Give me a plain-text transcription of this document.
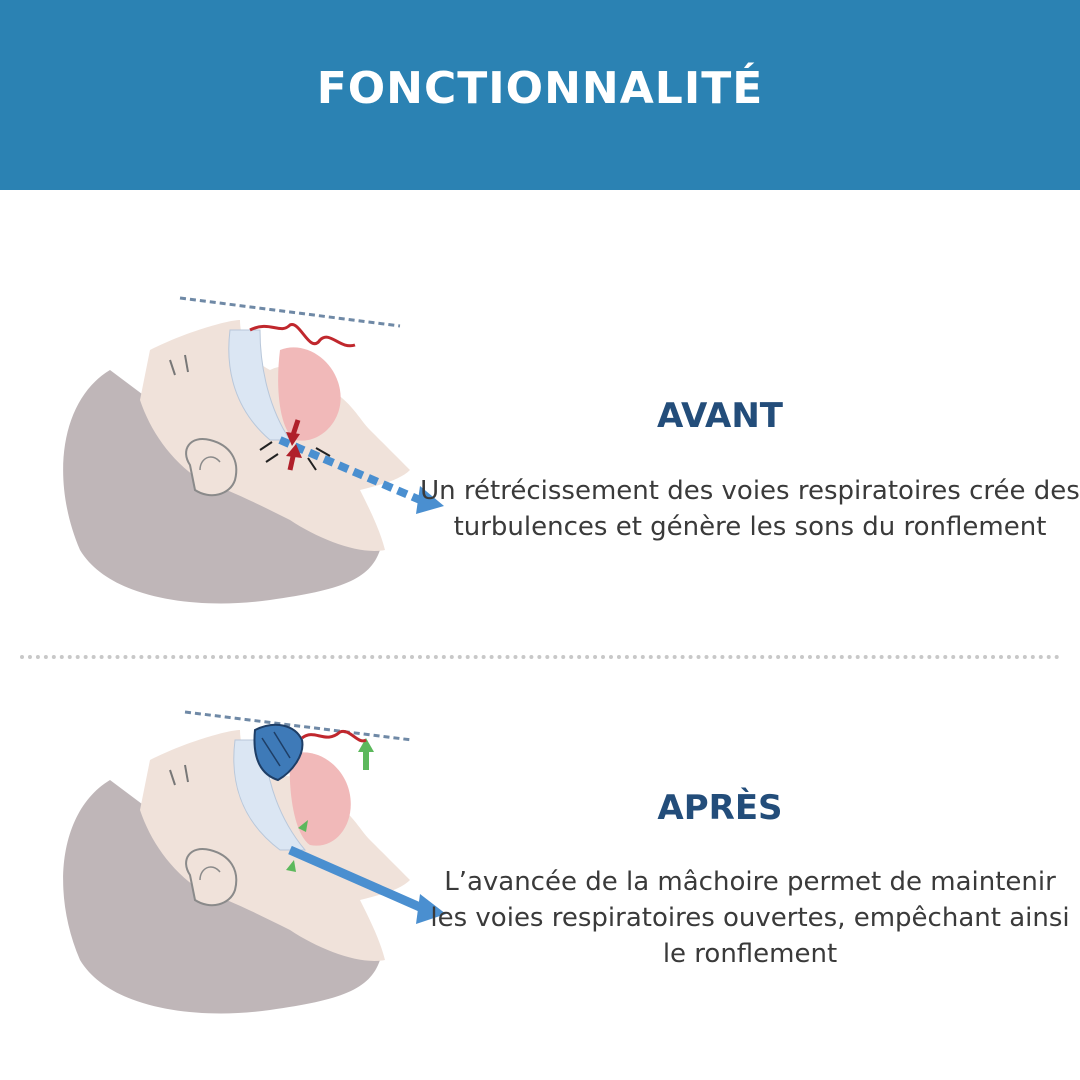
FONCTIONNALITÉ
AVANT
Un rétrécissement des voies respiratoires crée des turbulences et génère les sons du ronflement
APRÈS
L’avancée de la mâchoire permet de maintenir les voies respiratoires ouvertes, empêchant ainsi le ronflement
